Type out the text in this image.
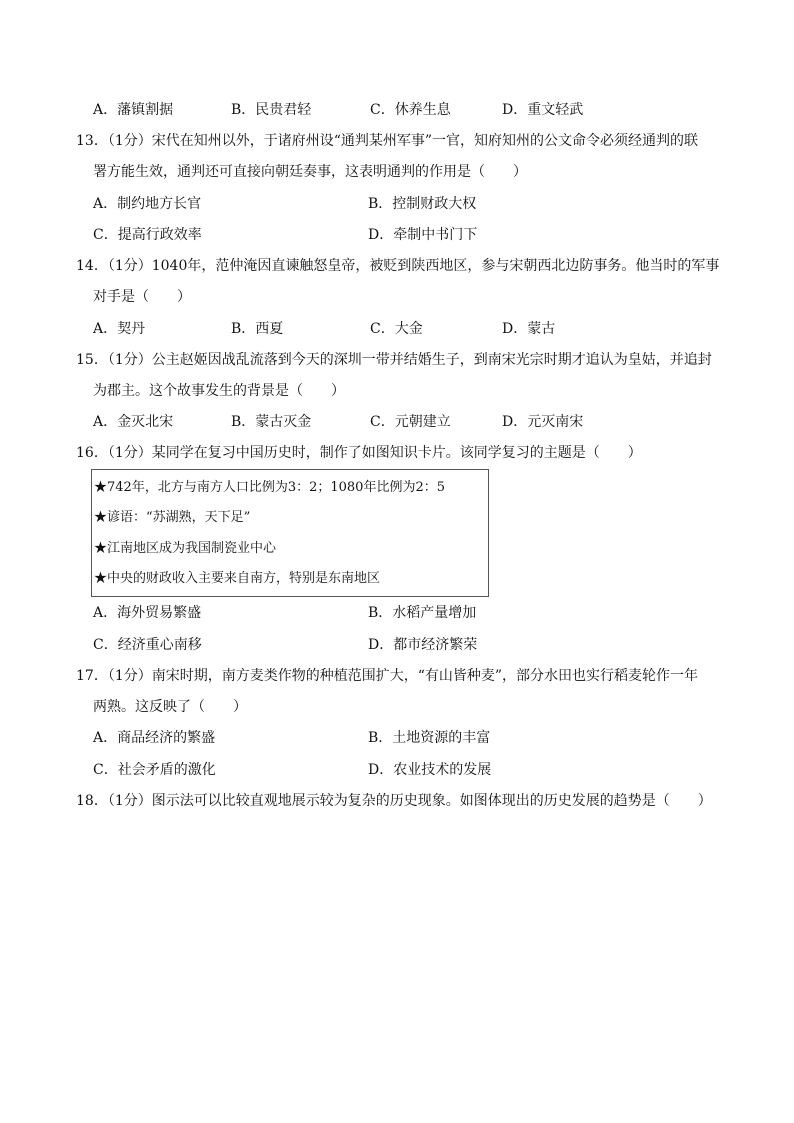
A．藩镇割据	B．民贵君轻	C．休养生息	D．重文轻武
13．（1分）宋代在知州以外，于诸府州设“通判某州军事”一官，知府知州的公文命令必须经通判的联
署方能生效，通判还可直接向朝廷奏事，这表明通判的作用是（　　）
A．制约地方长官	B．控制财政大权
C．提高行政效率	D．牵制中书门下
14．（1分）1040年，范仲淹因直谏触怒皇帝，被贬到陕西地区，参与宋朝西北边防事务。他当时的军事
对手是（　　）
A．契丹	B．西夏	C．大金	D．蒙古
15．（1分）公主赵姬因战乱流落到今天的深圳一带并结婚生子，到南宋光宗时期才追认为皇姑，并追封
为郡主。这个故事发生的背景是（　　）
A．金灭北宋	B．蒙古灭金	C．元朝建立	D．元灭南宋
16．（1分）某同学在复习中国历史时，制作了如图知识卡片。该同学复习的主题是（　　）
★742年，北方与南方人口比例为3：2；1080年比例为2：5
★谚语：“苏湖熟，天下足”
★江南地区成为我国制瓷业中心
★中央的财政收入主要来自南方，特别是东南地区
A．海外贸易繁盛	B．水稻产量增加
C．经济重心南移	D．都市经济繁荣
17．（1分）南宋时期，南方麦类作物的种植范围扩大，“有山皆种麦”，部分水田也实行稻麦轮作一年
两熟。这反映了（　　）
A．商品经济的繁盛	B．土地资源的丰富
C．社会矛盾的激化	D．农业技术的发展
18．（1分）图示法可以比较直观地展示较为复杂的历史现象。如图体现出的历史发展的趋势是（　　）
